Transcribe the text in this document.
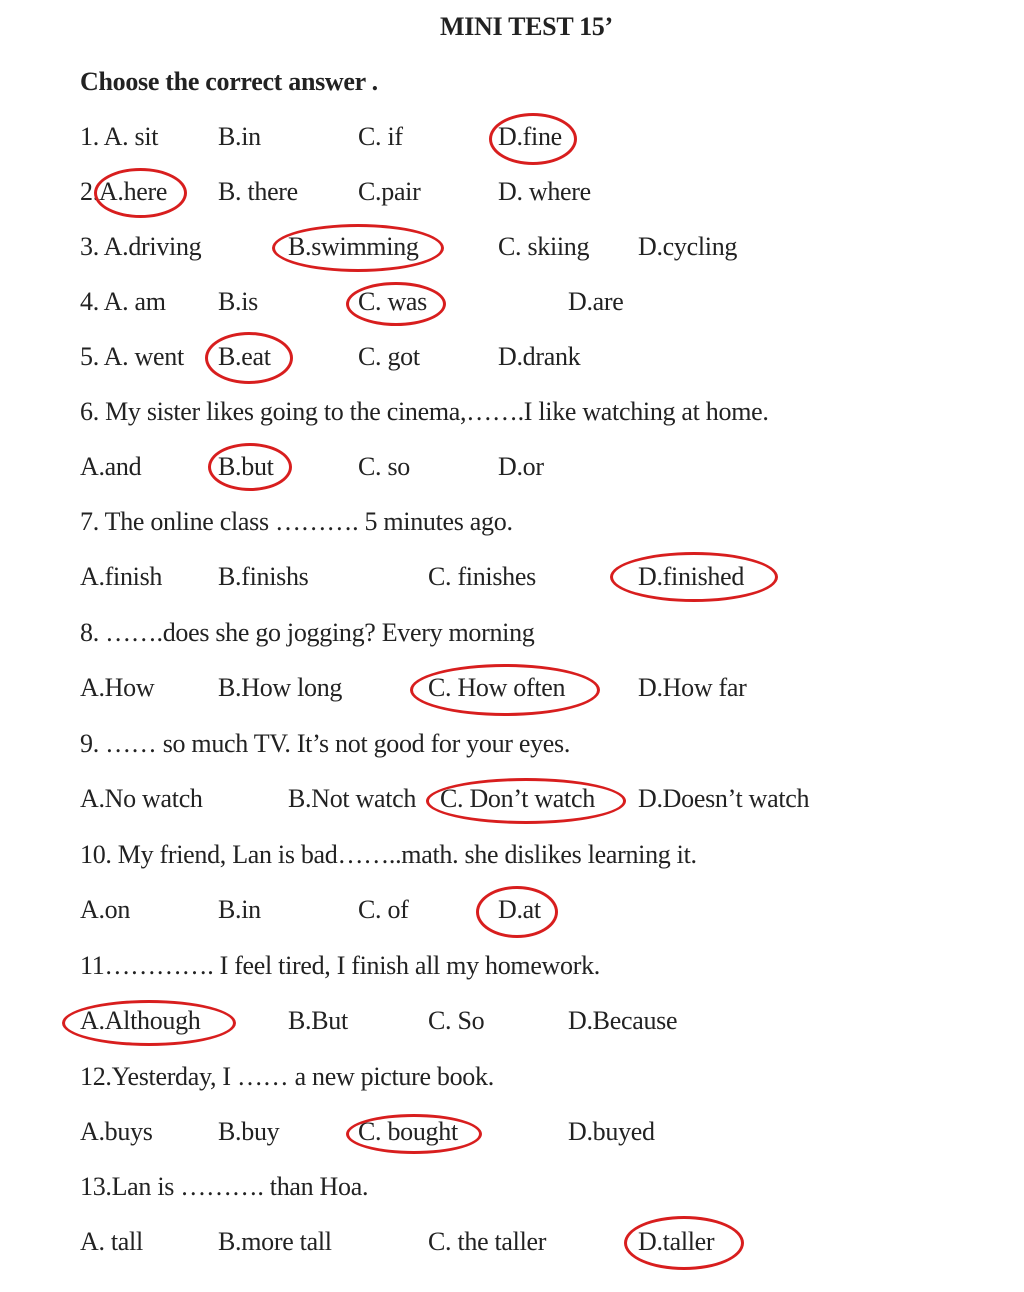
MINI TEST 15’
Choose the correct answer .
1. A. sit B.in	C. if	D.fine
2.A.here B. there C.pair	D. where
3. A.driving	B.swimming	C. skiing D.cycling
4. A. am B.is	C. was	D.are
5. A. went B.eat	C. got	D.drank
6. My sister likes going to the cinema,…….I like watching at home.
A.and	B.but	C. so	D.or
7. The online class ………. 5 minutes ago.
A.finish B.finishs	C. finishes	D.finished
8. …….does she go jogging? Every morning
A.How B.How long	C. How often	D.How far
9. …… so much TV. It’s not good for your eyes.
A.No watch	B.Not watch C. Don’t watch D.Doesn’t watch
10. My friend, Lan is bad……..math. she dislikes learning it.
A.on	B.in	C. of	D.at
11…………. I feel tired, I finish all my homework.
A.Although	B.But	C. So	D.Because
12.Yesterday, I …… a new picture book.
A.buys	B.buy	C. bought	D.buyed
13.Lan is ………. than Hoa.
A. tall	B.more tall	C. the taller	D.taller
